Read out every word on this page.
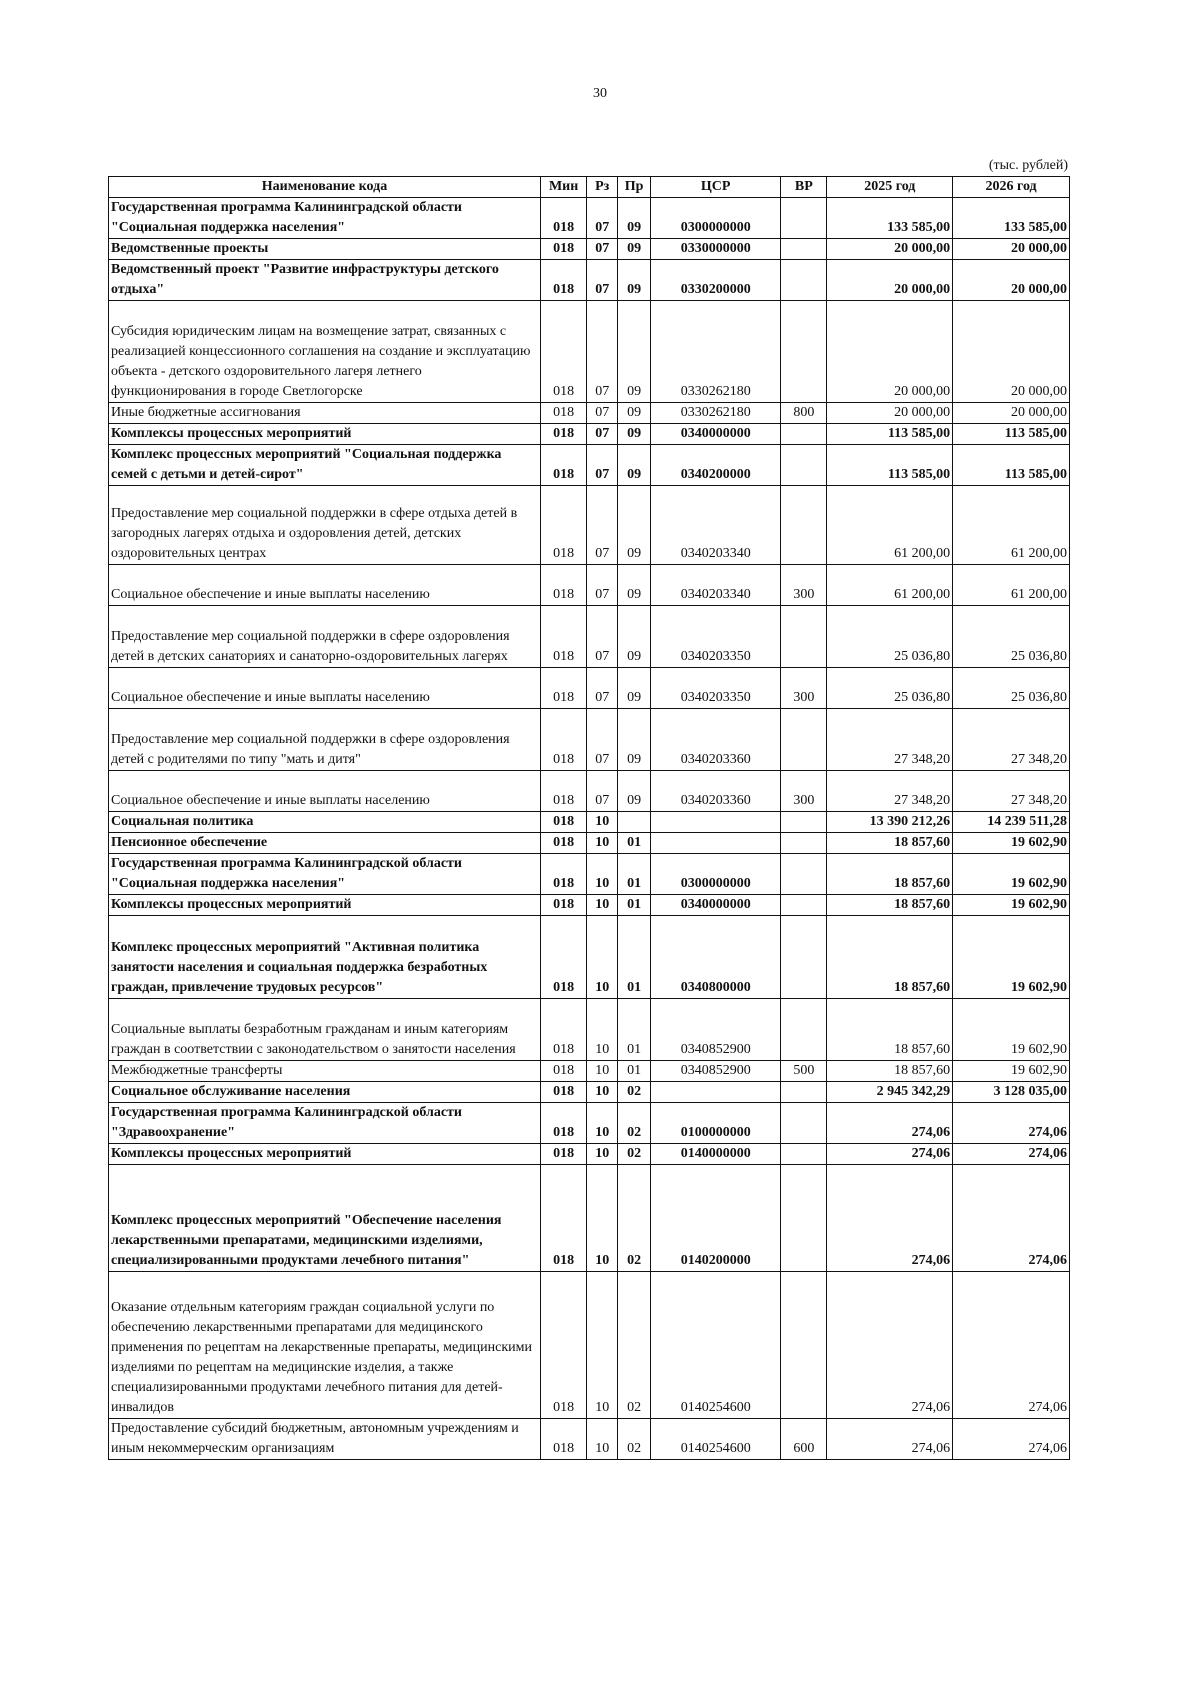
30
(тыс. рублей)
Наименование кода	Мин	Рз	Пр	ЦСР	ВР	2025 год	2026 год
Государственная программа Калининградской области "Социальная поддержка населения"	018	07	09	0300000000		133 585,00	133 585,00
Ведомственные проекты	018	07	09	0330000000		20 000,00	20 000,00
Ведомственный проект "Развитие инфраструктуры детского отдыха"	018	07	09	0330200000		20 000,00	20 000,00
Субсидия юридическим лицам на возмещение затрат, связанных с реализацией концессионного соглашения на создание и эксплуатацию объекта - детского оздоровительного лагеря летнего функционирования в городе Светлогорске	018	07	09	0330262180		20 000,00	20 000,00
Иные бюджетные ассигнования	018	07	09	0330262180	800	20 000,00	20 000,00
Комплексы процессных мероприятий	018	07	09	0340000000		113 585,00	113 585,00
Комплекс процессных мероприятий "Социальная поддержка семей с детьми и детей-сирот"	018	07	09	0340200000		113 585,00	113 585,00
Предоставление мер социальной поддержки в сфере отдыха детей в загородных лагерях отдыха и оздоровления детей, детских оздоровительных центрах	018	07	09	0340203340		61 200,00	61 200,00
Социальное обеспечение и иные выплаты населению	018	07	09	0340203340	300	61 200,00	61 200,00
Предоставление мер социальной поддержки в сфере оздоровления детей в детских санаториях и санаторно-оздоровительных лагерях	018	07	09	0340203350		25 036,80	25 036,80
Социальное обеспечение и иные выплаты населению	018	07	09	0340203350	300	25 036,80	25 036,80
Предоставление мер социальной поддержки в сфере оздоровления детей с родителями по типу "мать и дитя"	018	07	09	0340203360		27 348,20	27 348,20
Социальное обеспечение и иные выплаты населению	018	07	09	0340203360	300	27 348,20	27 348,20
Социальная политика	018	10				13 390 212,26	14 239 511,28
Пенсионное обеспечение	018	10	01			18 857,60	19 602,90
Государственная программа Калининградской области "Социальная поддержка населения"	018	10	01	0300000000		18 857,60	19 602,90
Комплексы процессных мероприятий	018	10	01	0340000000		18 857,60	19 602,90
Комплекс процессных мероприятий "Активная политика занятости населения и социальная поддержка безработных граждан, привлечение трудовых ресурсов"	018	10	01	0340800000		18 857,60	19 602,90
Социальные выплаты безработным гражданам и иным категориям граждан в соответствии с законодательством о занятости населения	018	10	01	0340852900		18 857,60	19 602,90
Межбюджетные трансферты	018	10	01	0340852900	500	18 857,60	19 602,90
Социальное обслуживание населения	018	10	02			2 945 342,29	3 128 035,00
Государственная программа Калининградской области "Здравоохранение"	018	10	02	0100000000		274,06	274,06
Комплексы процессных мероприятий	018	10	02	0140000000		274,06	274,06
Комплекс процессных мероприятий "Обеспечение населения лекарственными препаратами, медицинскими изделиями, специализированными продуктами лечебного питания"	018	10	02	0140200000		274,06	274,06
Оказание отдельным категориям граждан социальной услуги по обеспечению лекарственными препаратами для медицинского применения по рецептам на лекарственные препараты, медицинскими изделиями по рецептам на медицинские изделия, а также специализированными продуктами лечебного питания для детей-инвалидов	018	10	02	0140254600		274,06	274,06
Предоставление субсидий бюджетным, автономным учреждениям и иным некоммерческим организациям	018	10	02	0140254600	600	274,06	274,06
